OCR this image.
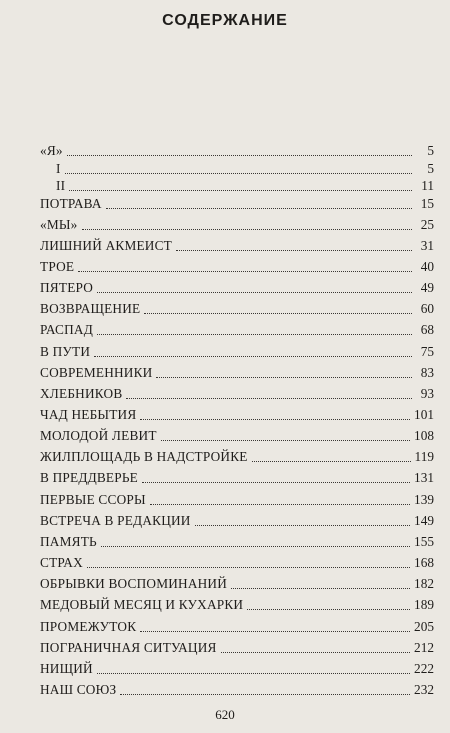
СОДЕРЖАНИЕ
«Я»	5
I	5
II	11
ПОТРАВА	15
«МЫ»	25
ЛИШНИЙ АКМЕИСТ	31
ТРОЕ	40
ПЯТЕРО	49
ВОЗВРАЩЕНИЕ	60
РАСПАД	68
В ПУТИ	75
СОВРЕМЕННИКИ	83
ХЛЕБНИКОВ	93
ЧАД НЕБЫТИЯ	101
МОЛОДОЙ ЛЕВИТ	108
ЖИЛПЛОЩАДЬ В НАДСТРОЙКЕ	119
В ПРЕДДВЕРЬЕ	131
ПЕРВЫЕ ССОРЫ	139
ВСТРЕЧА В РЕДАКЦИИ	149
ПАМЯТЬ	155
СТРАХ	168
ОБРЫВКИ ВОСПОМИНАНИЙ	182
МЕДОВЫЙ МЕСЯЦ И КУХАРКИ	189
ПРОМЕЖУТОК	205
ПОГРАНИЧНАЯ СИТУАЦИЯ	212
НИЩИЙ	222
НАШ СОЮЗ	232
620
